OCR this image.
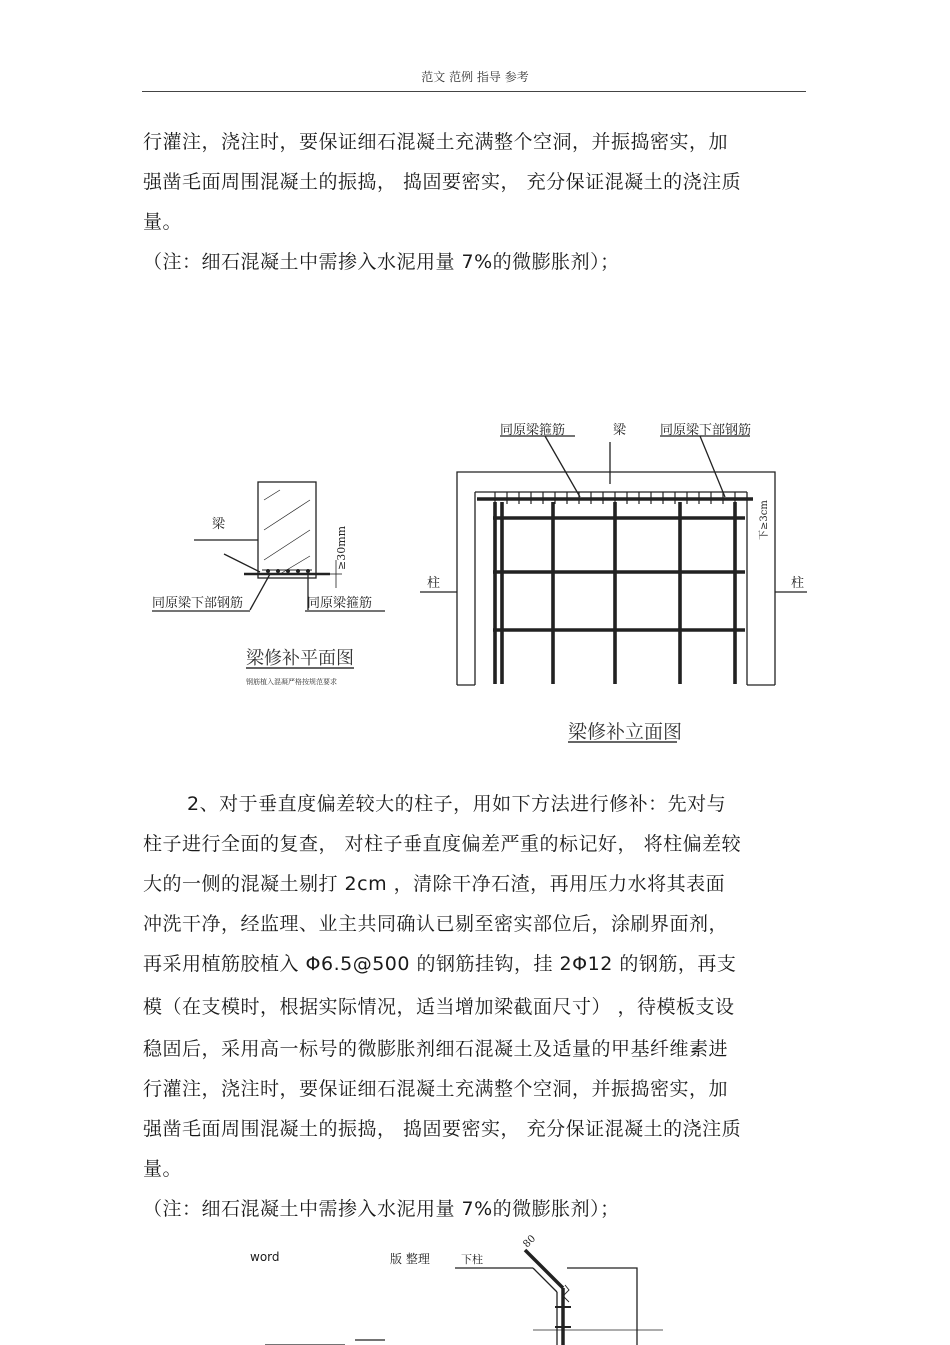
范文 范例 指导 参考
行灌注，浇注时，要保证细石混凝土充满整个空洞，并振捣密实，加
强凿毛面周围混凝土的振捣， 捣固要密实， 充分保证混凝土的浇注质
量。
（注：细石混凝土中需掺入水泥用量 7%的微膨胀剂）；
梁
≥30mm
同原梁下部钢筋	同原梁箍筋
梁修补平面图
钢筋植入混凝严格按规范要求
同原梁箍筋	梁	同原梁下部钢筋
柱	柱
下≥3cm
梁修补立面图
2、对于垂直度偏差较大的柱子，用如下方法进行修补：先对与
柱子进行全面的复查， 对柱子垂直度偏差严重的标记好， 将柱偏差较
大的一侧的混凝土剔打 2cm ，清除干净石渣，再用压力水将其表面
冲洗干净，经监理、业主共同确认已剔至密实部位后，涂刷界面剂，
再采用植筋胶植入 Φ6.5@500 的钢筋挂钩，挂 2Φ12 的钢筋，再支
模（在支模时，根据实际情况，适当增加梁截面尺寸） ，待模板支设
稳固后，采用高一标号的微膨胀剂细石混凝土及适量的甲基纤维素进
行灌注，浇注时，要保证细石混凝土充满整个空洞，并振捣密实，加
强凿毛面周围混凝土的振捣， 捣固要密实， 充分保证混凝土的浇注质
量。
（注：细石混凝土中需掺入水泥用量 7%的微膨胀剂）；
word	版 整理	下柱
80
